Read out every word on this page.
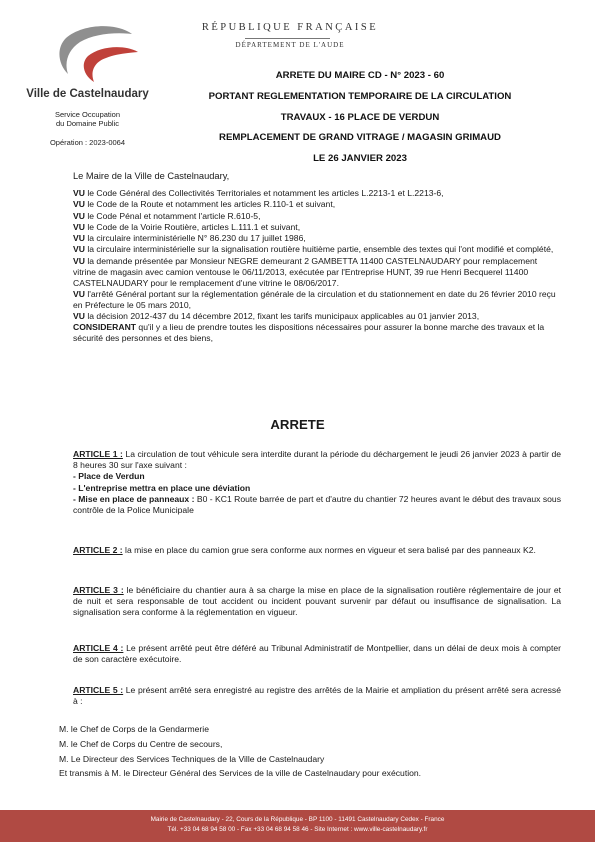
Ville de Castelnaudary
Service Occupation
du Domaine Public
Opération : 2023-0064
RÉPUBLIQUE FRANÇAISE
DÉPARTEMENT DE L'AUDE
ARRETE DU MAIRE CD - N° 2023 - 60
PORTANT REGLEMENTATION TEMPORAIRE DE LA CIRCULATION
TRAVAUX - 16 PLACE DE VERDUN
REMPLACEMENT DE GRAND VITRAGE / MAGASIN GRIMAUD
LE 26 JANVIER 2023
Le Maire de la Ville de Castelnaudary,

VU le Code Général des Collectivités Territoriales et notamment les articles L.2213-1 et L.2213-6,

VU le Code de la Route et notamment les articles R.110-1 et suivant,

VU le Code Pénal et notamment l'article R.610-5,

VU le Code de la Voirie Routière, articles L.111.1 et suivant,

VU la circulaire interministérielle N° 86.230 du 17 juillet 1986,

VU la circulaire interministérielle sur la signalisation routière huitième partie, ensemble des textes qui l'ont modifié et complété,

VU la demande présentée par Monsieur NEGRE demeurant 2 GAMBETTA 11400 CASTELNAUDARY pour remplacement vitrine de magasin avec camion ventouse le 06/11/2013, exécutée par l'Entreprise HUNT, 39 rue Henri Becquerel 11400 CASTELNAUDARY pour le remplacement d'une vitrine le 08/06/2017.

VU l'arrêté Général portant sur la réglementation générale de la circulation et du stationnement en date du 26 février 2010 reçu en Préfecture le 05 mars 2010,

VU la décision 2012-437 du 14 décembre 2012, fixant les tarifs municipaux applicables au 01 janvier 2013,

CONSIDERANT qu'il y a lieu de prendre toutes les dispositions nécessaires pour assurer la bonne marche des travaux et la sécurité des personnes et des biens,

ARRETE

ARTICLE 1 : La circulation de tout véhicule sera interdite durant la période du déchargement le jeudi 26 janvier 2023 à partir de 8 heures 30 sur l'axe suivant :

- Place de Verdun

- L'entreprise mettra en place une déviation

- Mise en place de panneaux : B0 - KC1 Route barrée de part et d'autre du chantier 72 heures avant le début des travaux sous contrôle de la Police Municipale

ARTICLE 2 : la mise en place du camion grue sera conforme aux normes en vigueur et sera balisé par des panneaux K2.

ARTICLE 3 : le bénéficiaire du chantier aura à sa charge la mise en place de la signalisation routière réglementaire de jour et de nuit et sera responsable de tout accident ou incident pouvant survenir par défaut ou insuffisance de signalisation. La signalisation sera conforme à la réglementation en vigueur.

ARTICLE 4 : Le présent arrêté peut être déféré au Tribunal Administratif de Montpellier, dans un délai de deux mois à compter de son caractère exécutoire.

ARTICLE 5 : Le présent arrêté sera enregistré au registre des arrêtés de la Mairie et ampliation du présent arrêté sera acressé à :

M. le Chef de Corps de la Gendarmerie

M. le Chef de Corps du Centre de secours,

M. Le Directeur des Services Techniques de la Ville de Castelnaudary

Et transmis à M. le Directeur Général des Services de la ville de Castelnaudary pour exécution.

Mairie de Castelnaudary - 22, Cours de la République - BP 1100 - 11491 Castelnaudary Cedex - France
Tél. +33 04 68 94 58 00 - Fax +33 04 68 94 58 46 - Site Internet : www.ville-castelnaudary.fr
